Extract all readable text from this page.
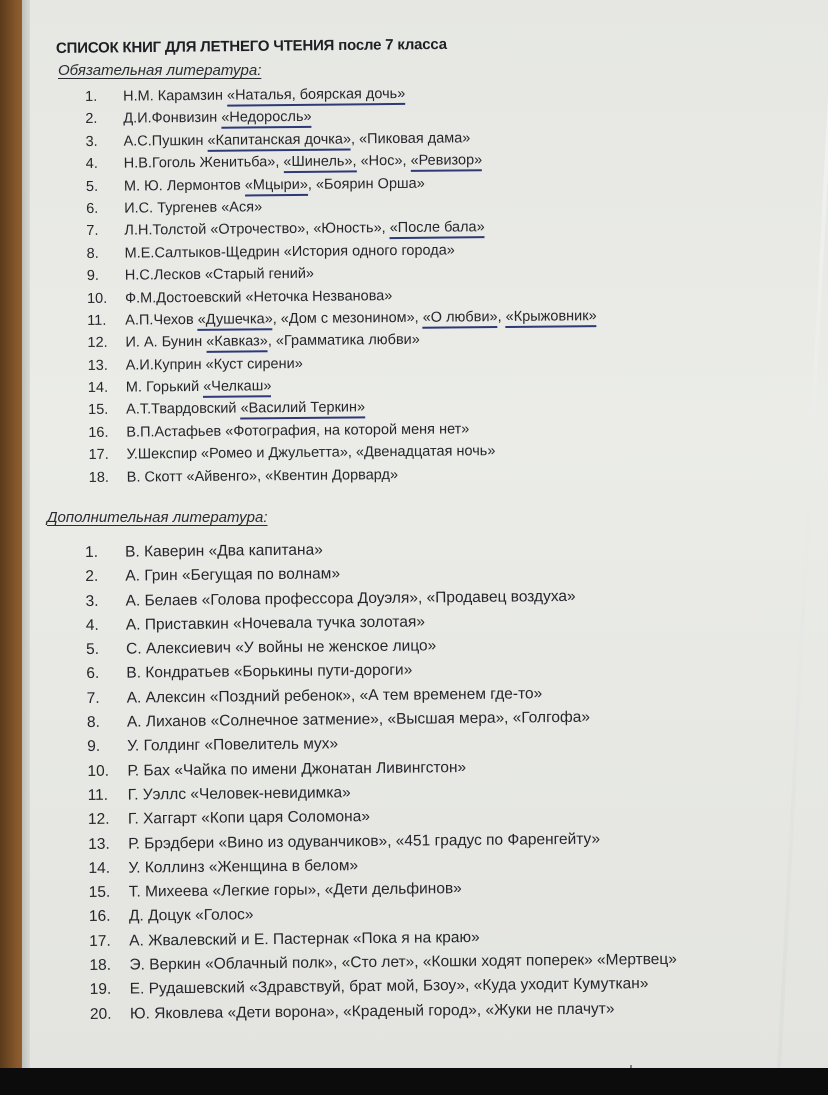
СПИСОК КНИГ ДЛЯ ЛЕТНЕГО ЧТЕНИЯ после 7 класса
Обязательная литература:
1. Н.М. Карамзин «Наталья, боярская дочь»
2. Д.И.Фонвизин «Недоросль»
3. А.С.Пушкин «Капитанская дочка», «Пиковая дама»
4. Н.В.Гоголь Женитьба», «Шинель», «Нос», «Ревизор»
5. М. Ю. Лермонтов «Мцыри», «Боярин Орша»
6. И.С. Тургенев «Ася»
7. Л.Н.Толстой «Отрочество», «Юность», «После бала»
8. М.Е.Салтыков-Щедрин «История одного города»
9. Н.С.Лесков «Старый гений»
10. Ф.М.Достоевский «Неточка Незванова»
11. А.П.Чехов «Душечка», «Дом с мезонином», «О любви», «Крыжовник»
12. И. А. Бунин «Кавказ», «Грамматика любви»
13. А.И.Куприн «Куст сирени»
14. М. Горький «Челкаш»
15. А.Т.Твардовский «Василий Теркин»
16. В.П.Астафьев «Фотография, на которой меня нет»
17. У.Шекспир «Ромео и Джульетта», «Двенадцатая ночь»
18. В. Скотт «Айвенго», «Квентин Дорвард»
Дополнительная литература:
1. В. Каверин «Два капитана»
2. А. Грин «Бегущая по волнам»
3. А. Белаев «Голова профессора Доуэля», «Продавец воздуха»
4. А. Приставкин «Ночевала тучка золотая»
5. С. Алексиевич «У войны не женское лицо»
6. В. Кондратьев «Борькины пути-дороги»
7. А. Алексин «Поздний ребенок», «А тем временем где-то»
8. А. Лиханов «Солнечное затмение», «Высшая мера», «Голгофа»
9. У. Голдинг «Повелитель мух»
10. Р. Бах «Чайка по имени Джонатан Ливингстон»
11. Г. Уэллс «Человек-невидимка»
12. Г. Хаггарт «Копи царя Соломона»
13. Р. Брэдбери «Вино из одуванчиков», «451 градус по Фаренгейту»
14. У. Коллинз «Женщина в белом»
15. Т. Михеева «Легкие горы», «Дети дельфинов»
16. Д. Доцук «Голос»
17. А. Жвалевский и Е. Пастернак «Пока я на краю»
18. Э. Веркин «Облачный полк», «Сто лет», «Кошки ходят поперек» «Мертвец»
19. Е. Рудашевский «Здравствуй, брат мой, Бзоу», «Куда уходит Кумуткан»
20. Ю. Яковлева «Дети ворона», «Краденый город», «Жуки не плачут»
